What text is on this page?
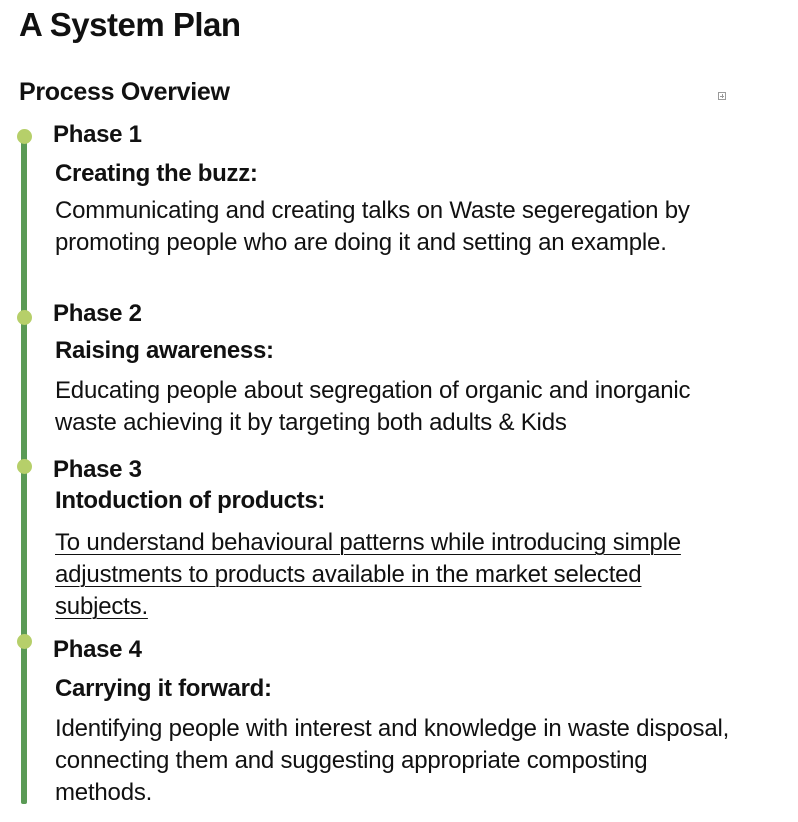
A System Plan
Process Overview
Phase 1
Creating the buzz:
Communicating and creating talks on Waste segeregation by promoting people who are doing it and setting an example.
Phase 2
Raising awareness:
Educating people about segregation of organic and inorganic waste achieving it by targeting both adults & Kids
Phase 3
Intoduction of products:
To understand behavioural patterns while introducing simple adjustments to products available in the market selected subjects.
Phase 4
Carrying it forward:
Identifying people with interest and knowledge in waste disposal, connecting them and suggesting appropriate composting methods.
